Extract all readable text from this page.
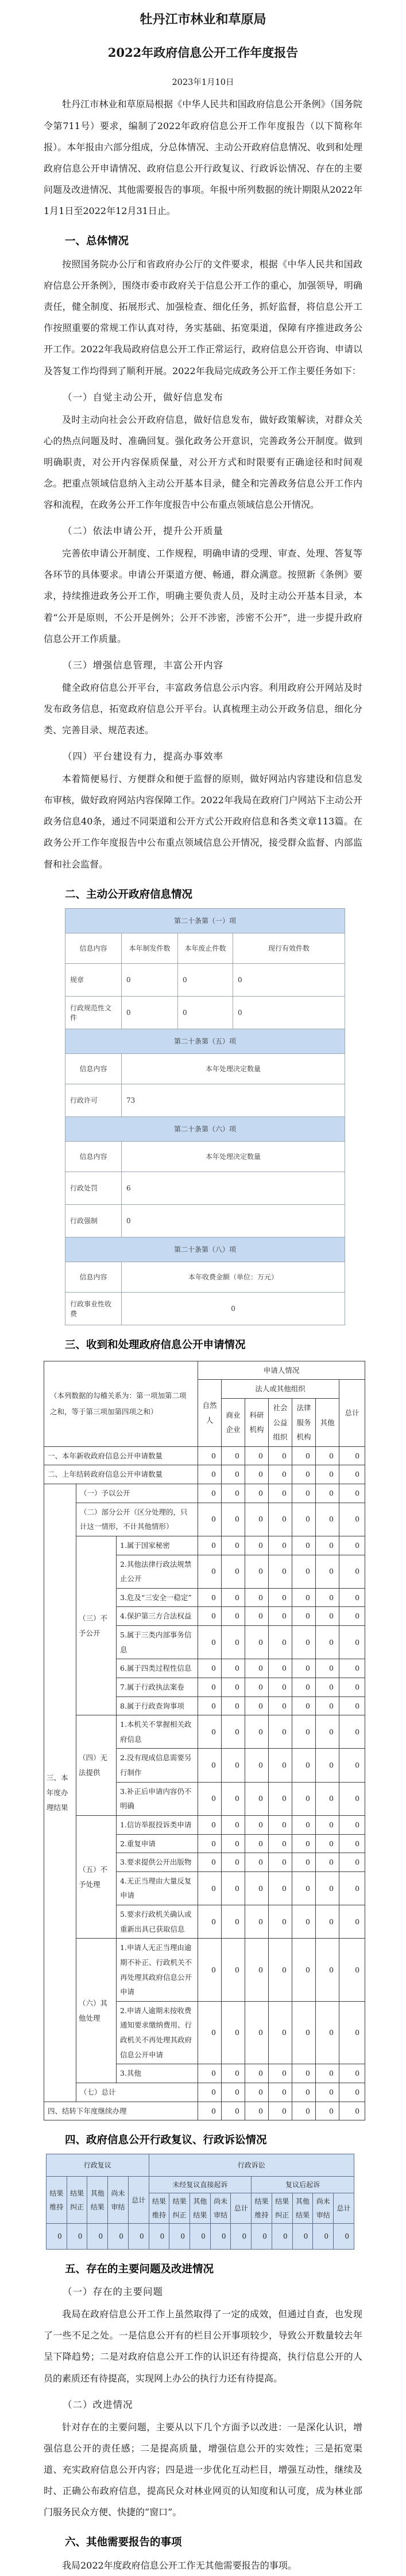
牡丹江市林业和草原局
2022年政府信息公开工作年度报告
2023年1月10日

牡丹江市林业和草原局根据《中华人民共和国政府信息公开条例》（国务院令第711号）要求，编制了2022年政府信息公开工作年度报告（以下简称年报）。本年报由六部分组成，分总体情况、主动公开政府信息情况、收到和处理政府信息公开申请情况、政府信息公开行政复议、行政诉讼情况、存在的主要问题及改进情况、其他需要报告的事项。年报中所列数据的统计期限从2022年1月1日至2022年12月31日止。

一、总体情况

按照国务院办公厅和省政府办公厅的文件要求，根据《中华人民共和国政府信息公开条例》，围绕市委市政府关于信息公开工作的重心，加强领导，明确责任，健全制度、拓展形式、加强检查、细化任务，抓好监督，将信息公开工作按照重要的常规工作认真对待，务实基础、拓宽渠道，保障有序推进政务公开工作。2022年我局政府信息公开工作正常运行，政府信息公开咨询、申请以及答复工作均得到了顺利开展。2022年我局完成政务公开工作主要任务如下：

（一）自觉主动公开，做好信息发布

及时主动向社会公开政府信息，做好信息发布，做好政策解读，对群众关心的热点问题及时、准确回复。强化政务公开意识，完善政务公开制度。做到明确职责，对公开内容保质保量，对公开方式和时限要有正确途径和时间观念。把重点领域信息纳入主动公开基本目录，健全和完善政务信息公开工作内容和流程，在政务公开工作年度报告中公布重点领域信息公开情况。

（二）依法申请公开，提升公开质量

完善依申请公开制度、工作规程，明确申请的受理、审查、处理、答复等各环节的具体要求。申请公开渠道方便、畅通，群众满意。按照新《条例》要求，持续推进政务公开工作，明确主要负责人员，及时主动公开基本目录，本着“公开是原则，不公开是例外；公开不涉密，涉密不公开”，进一步提升政府信息公开工作质量。

（三）增强信息管理，丰富公开内容

健全政府信息公开平台，丰富政务信息公示内容。利用政府公开网站及时发布政务信息，拓宽政府信息公开平台。认真梳理主动公开政务信息，细化分类、完善目录、规范表述。

（四）平台建设有力，提高办事效率

本着简便易行、方便群众和便于监督的原则，做好网站内容建设和信息发布审核，做好政府网站内容保障工作。2022年我局在政府门户网站下主动公开政务信息40条，通过不同渠道和公开方式公开政府信息和各类文章113篇。在政务公开工作年度报告中公布重点领域信息公开情况，接受群众监督、内部监督和社会监督。

二、主动公开政府信息情况
第二十条第（一）项			
信息内容	本年制发件数	本年废止件数	现行有效件数
规章	0	0	0
行政规范性文件	0	0	0
第二十条第（五）项			
信息内容	本年处理决定数量		
行政许可	73		
第二十条第（六）项			
信息内容	本年处理决定数量		
行政处罚	6		
行政强制	0		
第二十条第（八）项			
信息内容	本年收费金额（单位：万元）		
行政事业性收费	0		
三、收到和处理政府信息公开申请情况
（本列数据的勾稽关系为：第一项加第二项之和，等于第三项加第四项之和）			申请人情况						
			自然人	法人或其他组织					总计
				商业企业	科研机构	社会公益组织	法律服务机构	其他	
一、本年新收政府信息公开申请数量			0	0	0	0	0	0	0
二、上年结转政府信息公开申请数量			0	0	0	0	0	0	0
三、本年度办理结果	（一）予以公开		0	0	0	0	0	0	0
	（二）部分公开（区分处理的，只计这一情形，不计其他情形）		0	0	0	0	0	0	0
	（三）不予公开	1.属于国家秘密	0	0	0	0	0	0	0
		2.其他法律行政法规禁止公开	0	0	0	0	0	0	0
		3.危及“三安全一稳定”	0	0	0	0	0	0	0
		4.保护第三方合法权益	0	0	0	0	0	0	0
		5.属于三类内部事务信息	0	0	0	0	0	0	0
		6.属于四类过程性信息	0	0	0	0	0	0	0
		7.属于行政执法案卷	0	0	0	0	0	0	0
		8.属于行政查询事项	0	0	0	0	0	0	0
	（四）无法提供	1.本机关不掌握相关政府信息	0	0	0	0	0	0	0
		2.没有现成信息需要另行制作	0	0	0	0	0	0	0
		3.补正后申请内容仍不明确	0	0	0	0	0	0	0
	（五）不予处理	1.信访举报投诉类申请	0	0	0	0	0	0	0
		2.重复申请	0	0	0	0	0	0	0
		3.要求提供公开出版物	0	0	0	0	0	0	0
		4.无正当理由大量反复申请	0	0	0	0	0	0	0
		5.要求行政机关确认或重新出具已获取信息	0	0	0	0	0	0	0
	（六）其他处理	1.申请人无正当理由逾期不补正、行政机关不再处理其政府信息公开申请	0	0	0	0	0	0	0
		2.申请人逾期未按收费通知要求缴纳费用、行政机关不再处理其政府信息公开申请	0	0	0	0	0	0	0
		3.其他	0	0	0	0	0	0	0
	（七）总计		0	0	0	0	0	0	0
四、结转下年度继续办理			0	0	0	0	0	0	0
四、政府信息公开行政复议、行政诉讼情况
行政复议					行政诉讼									
结果维持	结果纠正	其他结果	尚未审结	总计	未经复议直接起诉					复议后起诉				
					结果维持	结果纠正	其他结果	尚未审结	总计	结果维持	结果纠正	其他结果	尚未审结	总计
0	0	0	0	0	0	0	0	0	0	0	0	0	0	0
五、存在的主要问题及改进情况
（一）存在的主要问题

我局在政府信息公开工作上虽然取得了一定的成效，但通过自查，也发现了一些不足之处。一是信息公开有的栏目公开事项较少，导致公开数量较去年呈下降趋势；二是对政府信息公开工作的认识还有待提高，执行信息公开的人员的素质还有待提高，实现网上办公的执行力还有待提高。

（二）改进情况

针对存在的主要问题，主要从以下几个方面予以改进：一是深化认识，增强信息公开的责任感；二是提高质量，增强信息公开的实效性；三是拓宽渠道、充实政府信息公开内容；四是进一步优化互动栏目，增强互动性，继续及时、正确公布政府信息，提高民众对林业网页的认知度和认可度，成为林业部门服务民众方便、快捷的“窗口”。

六、其他需要报告的事项

我局2022年度政府信息公开工作无其他需要报告的事项。
